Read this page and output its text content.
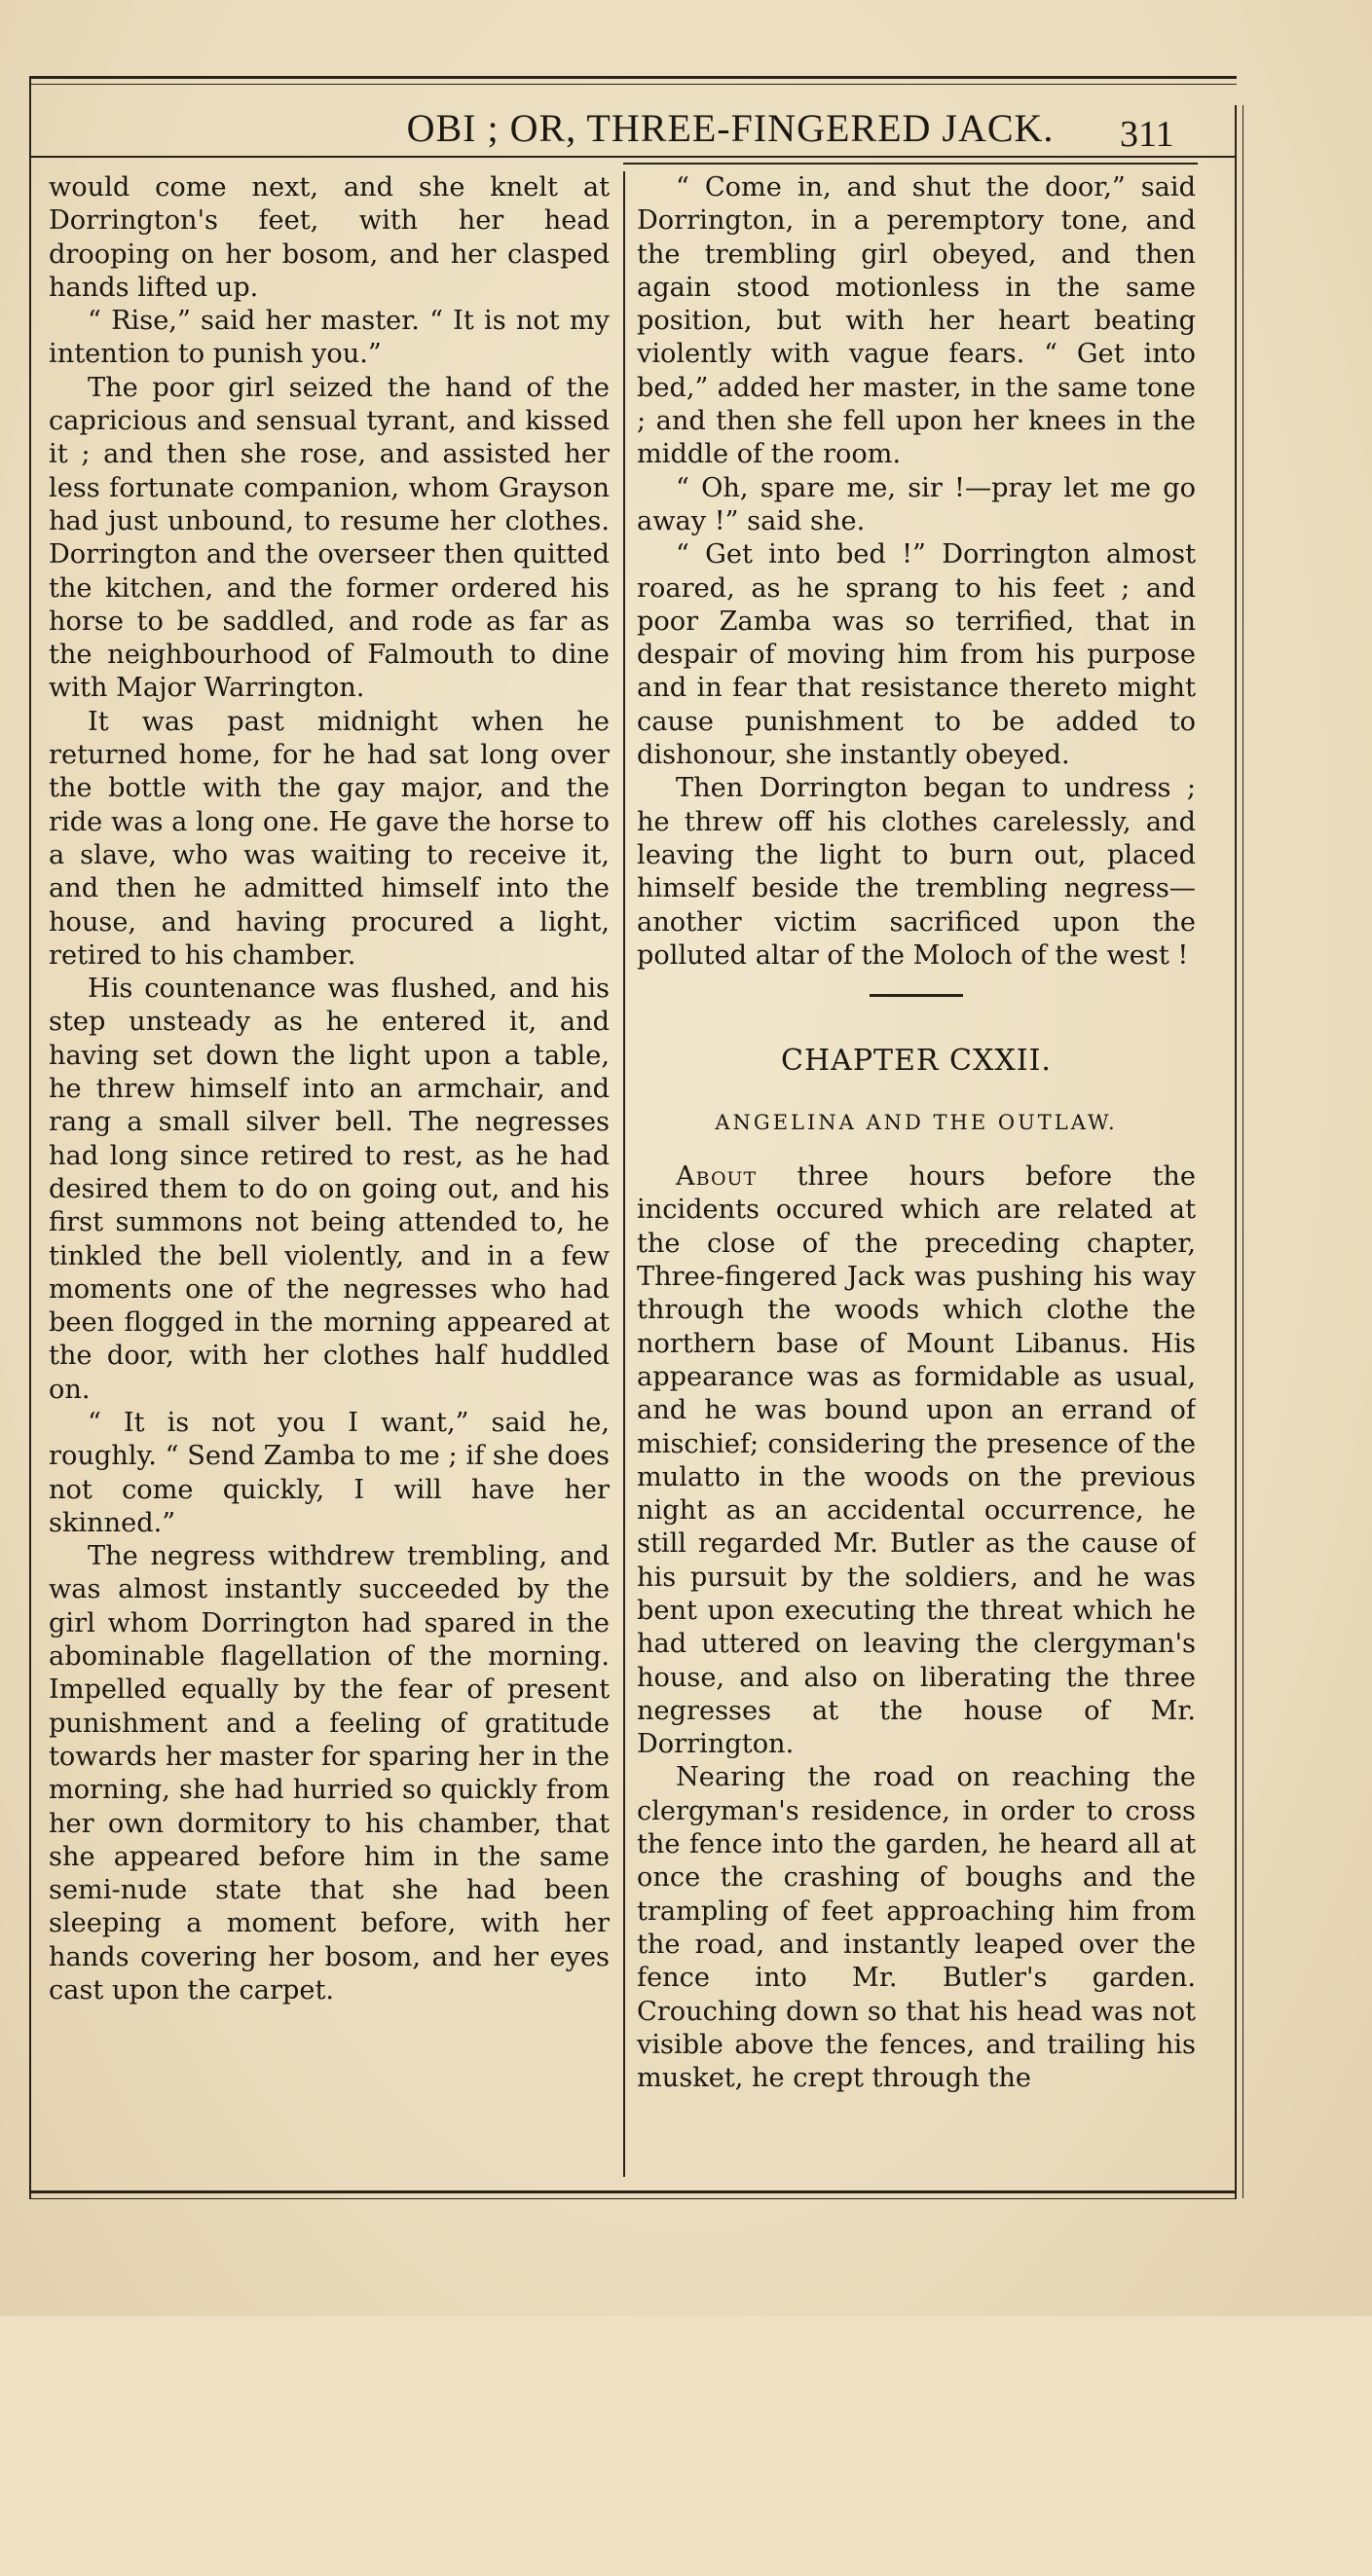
OBI ; OR, THREE-FINGERED JACK.	311

would come next, and she knelt at Dorrington's feet, with her head drooping on her bosom, and her clasped hands lifted up.

“ Rise,” said her master. “ It is not my intention to punish you.”

The poor girl seized the hand of the capricious and sensual tyrant, and kissed it ; and then she rose, and assisted her less fortunate companion, whom Grayson had just unbound, to resume her clothes. Dorrington and the overseer then quitted the kitchen, and the former ordered his horse to be saddled, and rode as far as the neighbourhood of Falmouth to dine with Major Warrington.

It was past midnight when he returned home, for he had sat long over the bottle with the gay major, and the ride was a long one. He gave the horse to a slave, who was waiting to receive it, and then he admitted himself into the house, and having procured a light, retired to his chamber.

His countenance was flushed, and his step unsteady as he entered it, and having set down the light upon a table, he threw himself into an armchair, and rang a small silver bell. The negresses had long since retired to rest, as he had desired them to do on going out, and his first summons not being attended to, he tinkled the bell violently, and in a few moments one of the negresses who had been flogged in the morning appeared at the door, with her clothes half huddled on.

“ It is not you I want,” said he, roughly. “ Send Zamba to me ; if she does not come quickly, I will have her skinned.”

The negress withdrew trembling, and was almost instantly succeeded by the girl whom Dorrington had spared in the abominable flagellation of the morning. Impelled equally by the fear of present punishment and a feeling of gratitude towards her master for sparing her in the morning, she had hurried so quickly from her own dormitory to his chamber, that she appeared before him in the same semi-nude state that she had been sleeping a moment before, with her hands covering her bosom, and her eyes cast upon the carpet.

“ Come in, and shut the door,” said Dorrington, in a peremptory tone, and the trembling girl obeyed, and then again stood motionless in the same position, but with her heart beating violently with vague fears. “ Get into bed,” added her master, in the same tone ; and then she fell upon her knees in the middle of the room.

“ Oh, spare me, sir !—pray let me go away !” said she.

“ Get into bed !” Dorrington almost roared, as he sprang to his feet ; and poor Zamba was so terrified, that in despair of moving him from his purpose and in fear that resistance thereto might cause punishment to be added to dishonour, she instantly obeyed.

Then Dorrington began to undress ; he threw off his clothes carelessly, and leaving the light to burn out, placed himself beside the trembling negress—another victim sacrificed upon the polluted altar of the Moloch of the west !

CHAPTER CXXII.
ANGELINA AND THE OUTLAW.

About three hours before the incidents occured which are related at the close of the preceding chapter, Three-fingered Jack was pushing his way through the woods which clothe the northern base of Mount Libanus. His appearance was as formidable as usual, and he was bound upon an errand of mischief; considering the presence of the mulatto in the woods on the previous night as an accidental occurrence, he still regarded Mr. Butler as the cause of his pursuit by the soldiers, and he was bent upon executing the threat which he had uttered on leaving the clergyman's house, and also on liberating the three negresses at the house of Mr. Dorrington.

Nearing the road on reaching the clergyman's residence, in order to cross the fence into the garden, he heard all at once the crashing of boughs and the trampling of feet approaching him from the road, and instantly leaped over the fence into Mr. Butler's garden. Crouching down so that his head was not visible above the fences, and trailing his musket, he crept through the
